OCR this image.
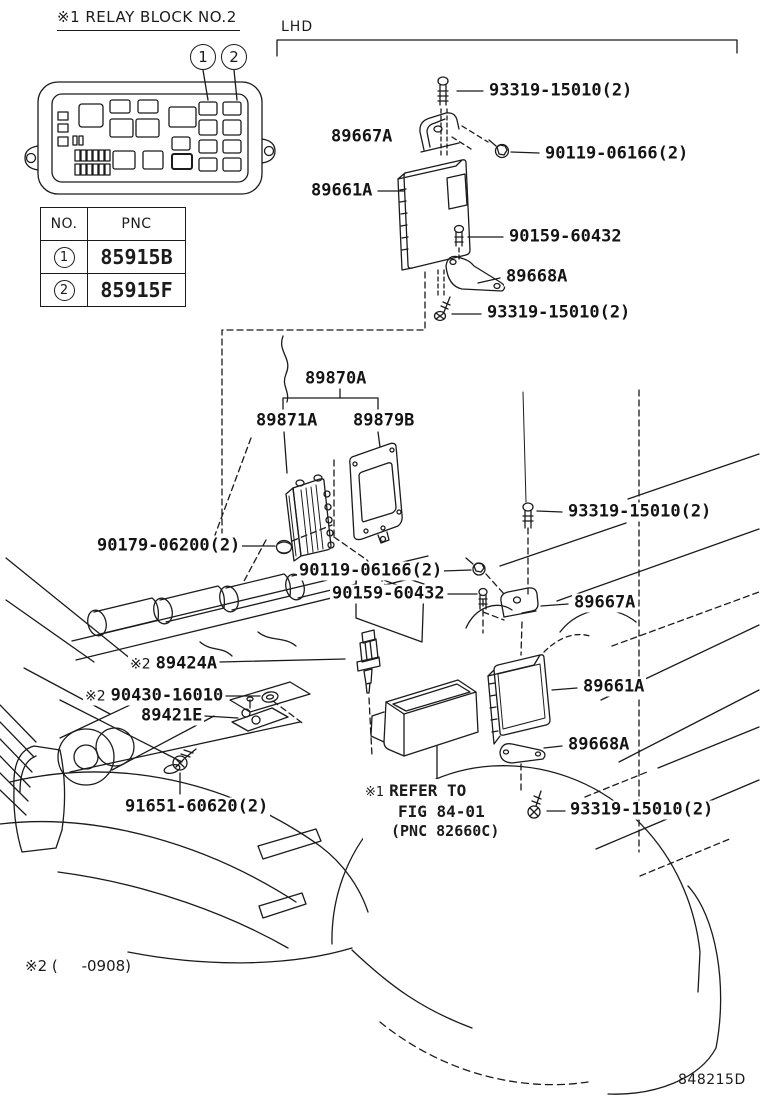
※1 RELAY BLOCK NO.2
LHD
1	2
NO.	PNC
1	85915B
2	85915F
93319-15010(2)
89667A
90119-06166(2)
89661A
90159-60432
89668A
93319-15010(2)
89870A
89871A 89879B
90179-06200(2)
93319-15010(2)
90119-06166(2)
90159-60432	89667A
※2 89424A
※2 90430-16010
89421E
91651-60620(2)
89661A
89668A
93319-15010(2)
※1 REFER TO
FIG 84-01
(PNC 82660C)
※2 (     -0908)
848215D
